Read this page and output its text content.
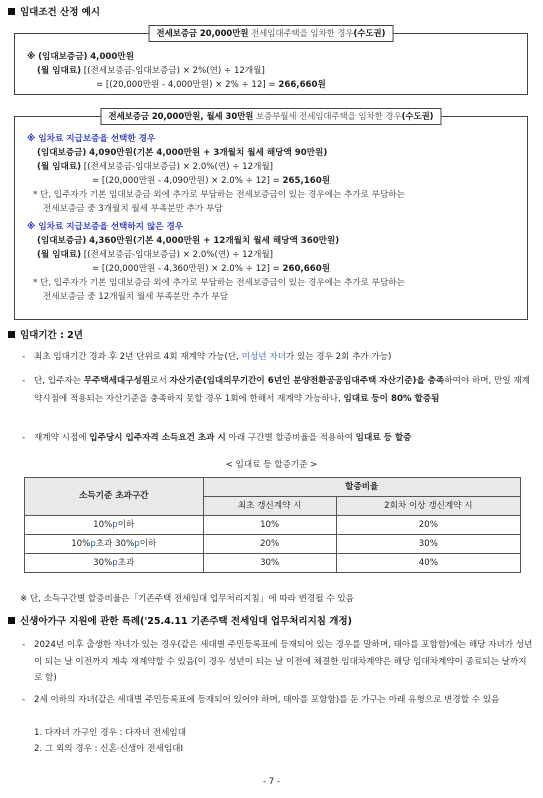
임대조건 산정 예시
전세보증금 20,000만원 전세임대주택을 임차한 경우(수도권)
※ (임대보증금) 4,000만원
(월 임대료) [(전세보증금-임대보증금) × 2%(연) ÷ 12개월]
= [(20,000만원 - 4,000만원) × 2% ÷ 12] = 266,660원
전세보증금 20,000만원, 월세 30만원 보증부월세 전세임대주택을 임차한 경우(수도권)
※ 임차료 지급보증을 선택한 경우
(임대보증금) 4,090만원(기본 4,000만원 + 3개월치 월세 해당액 90만원)
(월 임대료) [(전세보증금-임대보증금) × 2.0%(연) ÷ 12개월]
= [(20,000만원 - 4,090만원) × 2.0% ÷ 12] = 265,160원
* 단, 입주자가 기본 임대보증금 외에 추가로 부담하는 전세보증금이 있는 경우에는 추가로 부담하는
전세보증금 중 3개월치 월세 부족분만 추가 부담
※ 임차료 지급보증을 선택하지 않은 경우
(임대보증금) 4,360만원(기본 4,000만원 + 12개월치 월세 해당액 360만원)
(월 임대료) [(전세보증금-임대보증금) × 2.0%(연) ÷ 12개월]
= [(20,000만원 - 4,360만원) × 2.0% ÷ 12] = 260,660원
* 단, 입주자가 기본 임대보증금 외에 추가로 부담하는 전세보증금이 있는 경우에는 추가로 부담하는
전세보증금 중 12개월치 월세 부족분만 추가 부담
임대기간 : 2년
-	최초 임대기간 경과 후 2년 단위로 4회 재계약 가능(단, 미성년 자녀가 있는 경우 2회 추가 가능)
-	단, 입주자는 무주택세대구성원로서 자산기준(임대의무기간이 6년인 분양전환공공임대주택 자산기준)을 충족하여야 하며, 만일 재계약시점에 적용되는 자산기준을 충족하지 못할 경우 1회에 한해서 재계약 가능하나, 임대료 등이 80% 할증됨
-	재계약 시점에 입주당시 입주자격 소득요건 초과 시 아래 구간별 할증비율을 적용하여 임대료 등 할증
< 임대료 등 할증기준 >
소득기준 초과구간	할증비율	
	최초 갱신계약 시	2회차 이상 갱신계약 시
10%p이하	10%	20%
10%p초과 30%p이하	20%	30%
30%p초과	30%	40%
※ 단, 소득구간별 할증비율은「기존주택 전세임대 업무처리지침」에 따라 변경될 수 있음
신생아가구 지원에 관한 특례('25.4.11 기존주택 전세임대 업무처리지침 개정)
-	2024년 이후 출생한 자녀가 있는 경우(같은 세대별 주민등록표에 등재되어 있는 경우를 말하며, 태아를 포함함)에는 해당 자녀가 성년이 되는 날 이전까지 계속 재계약할 수 있음(이 경우 성년이 되는 날 이전에 체결한 임대차계약은 해당 임대차계약이 종료되는 날까지로 함)
-	2세 이하의 자녀(같은 세대별 주민등록표에 등재되어 있어야 하며, 태아를 포함함)를 둔 가구는 아래 유형으로 변경할 수 있음
1. 다자녀 가구인 경우 : 다자녀 전세임대
2. 그 외의 경우 : 신혼·신생아 전세임대Ⅰ
- 7 -
